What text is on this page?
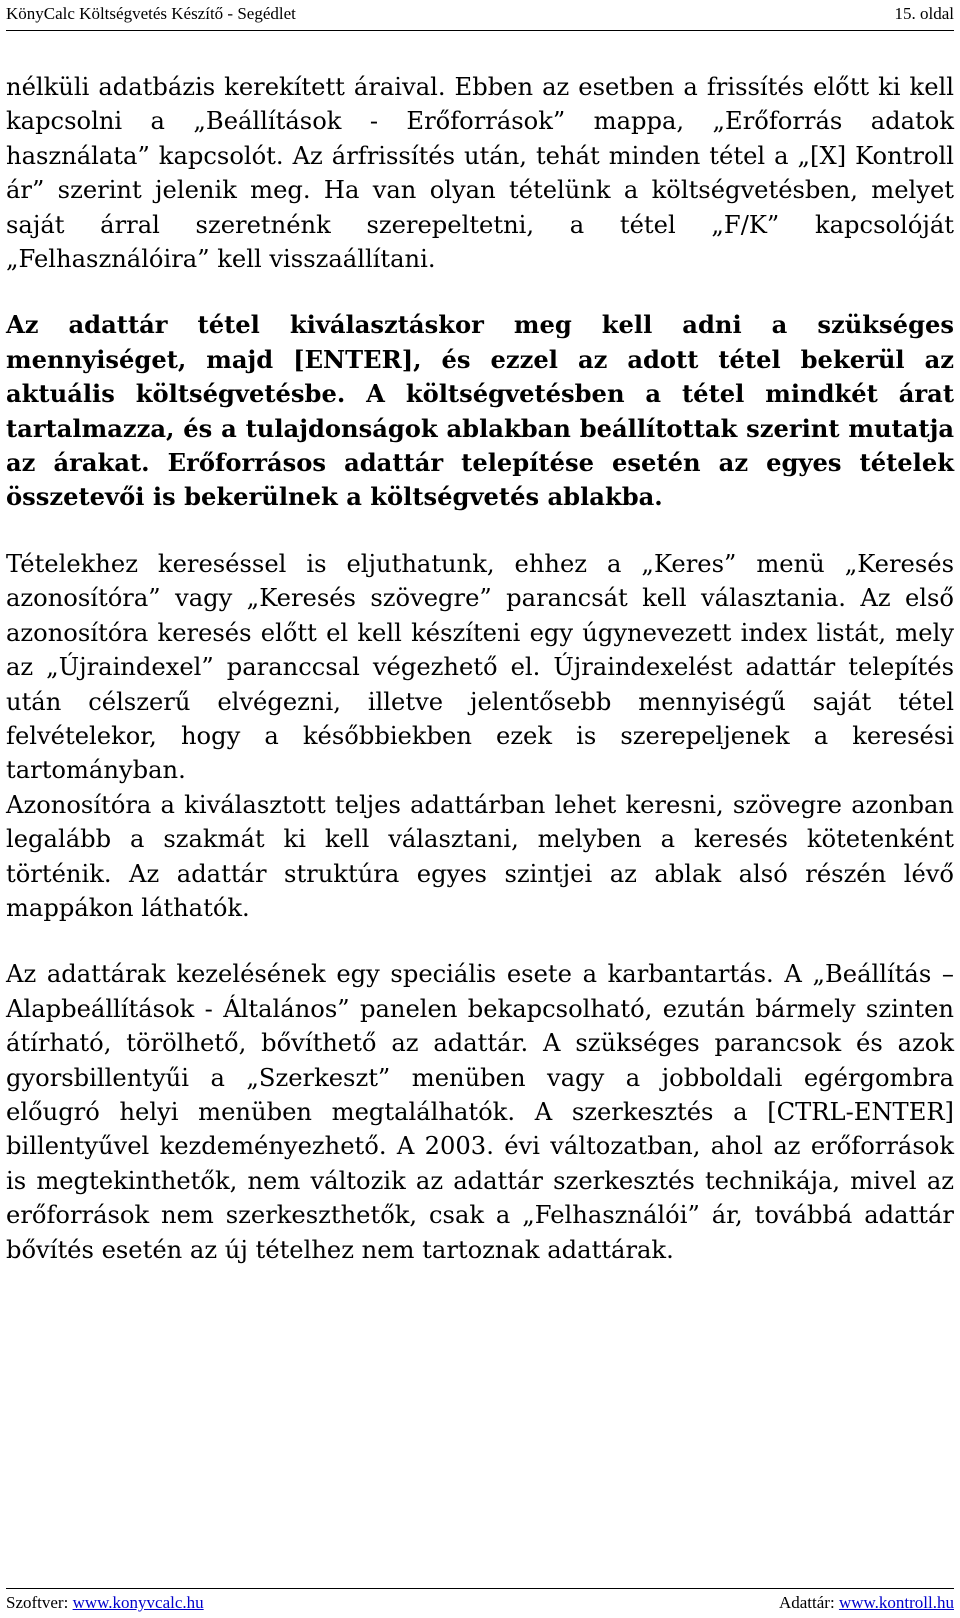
KönyCalc Költségvetés Készítő - Segédlet	15. oldal

nélküli adatbázis kerekített áraival. Ebben az esetben a frissítés előtt ki kell kapcsolni a „Beállítások - Erőforrások” mappa, „Erőforrás adatok használata” kapcsolót. Az árfrissítés után, tehát minden tétel a „[X] Kontroll ár” szerint jelenik meg. Ha van olyan tételünk a költségvetésben, melyet saját árral szeretnénk szerepeltetni, a tétel „F/K” kapcsolóját „Felhasználóira” kell visszaállítani.

Az adattár tétel kiválasztáskor meg kell adni a szükséges mennyiséget, majd [ENTER], és ezzel az adott tétel bekerül az aktuális költségvetésbe. A költségvetésben a tétel mindkét árat tartalmazza, és a tulajdonságok ablakban beállítottak szerint mutatja az árakat. Erőforrásos adattár telepítése esetén az egyes tételek összetevői is bekerülnek a költségvetés ablakba.

Tételekhez kereséssel is eljuthatunk, ehhez a „Keres” menü „Keresés azonosítóra” vagy „Keresés szövegre” parancsát kell választania. Az első azonosítóra keresés előtt el kell készíteni egy úgynevezett index listát, mely az „Újraindexel” paranccsal végezhető el. Újraindexelést adattár telepítés után célszerű elvégezni, illetve jelentősebb mennyiségű saját tétel felvételekor, hogy a későbbiekben ezek is szerepeljenek a keresési tartományban.

Azonosítóra a kiválasztott teljes adattárban lehet keresni, szövegre azonban legalább a szakmát ki kell választani, melyben a keresés kötetenként történik. Az adattár struktúra egyes szintjei az ablak alsó részén lévő mappákon láthatók.

Az adattárak kezelésének egy speciális esete a karbantartás. A „Beállítás – Alapbeállítások - Általános” panelen bekapcsolható, ezután bármely szinten átírható, törölhető, bővíthető az adattár. A szükséges parancsok és azok gyorsbillentyűi a „Szerkeszt” menüben vagy a jobboldali egérgombra előugró helyi menüben megtalálhatók. A szerkesztés a [CTRL-ENTER] billentyűvel kezdeményezhető. A 2003. évi változatban, ahol az erőforrások is megtekinthetők, nem változik az adattár szerkesztés technikája, mivel az erőforrások nem szerkeszthetők, csak a „Felhasználói” ár, továbbá adattár bővítés esetén az új tételhez nem tartoznak adattárak.

Szoftver: www.konyvcalc.hu	Adattár: www.kontroll.hu
